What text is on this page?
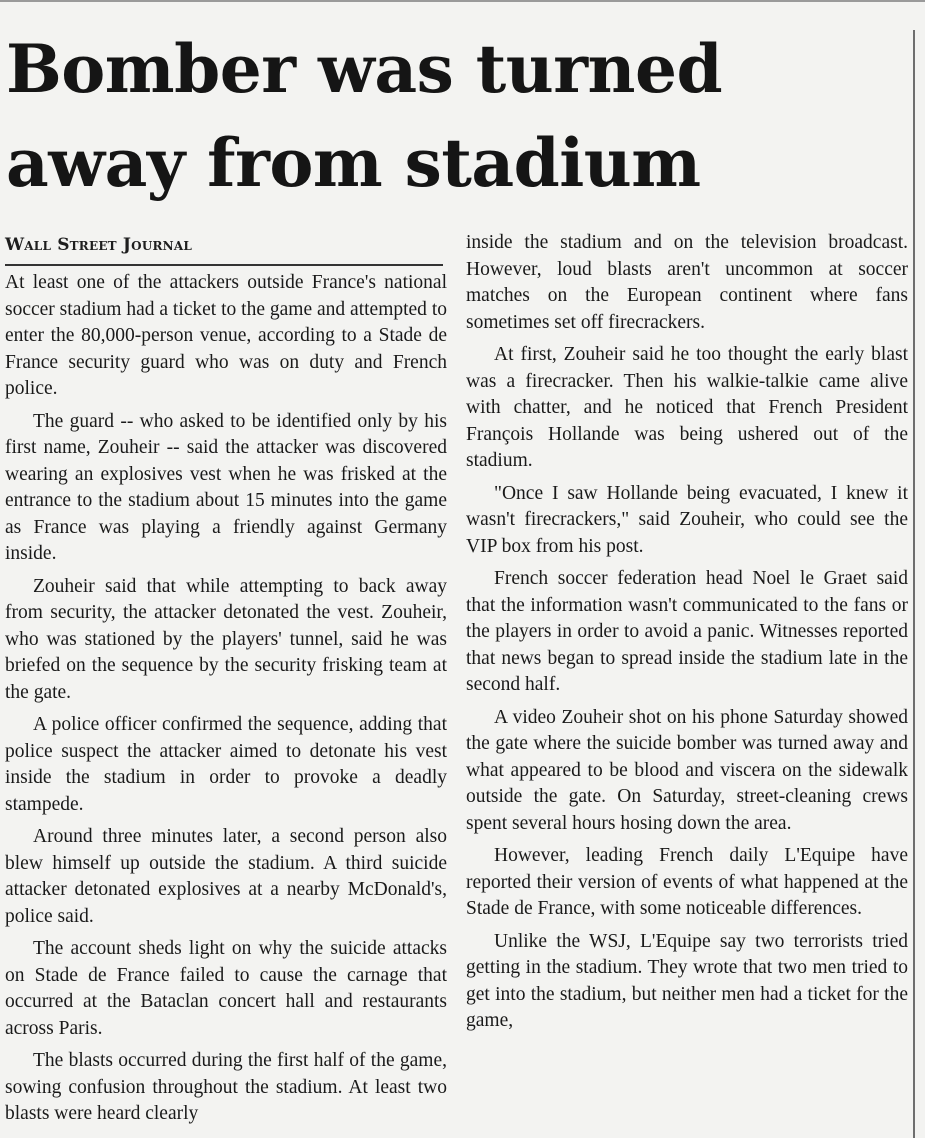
Bomber was turned away from stadium
Wall Street Journal

At least one of the attackers outside France's national soccer stadium had a ticket to the game and attempted to enter the 80,000-person venue, according to a Stade de France security guard who was on duty and French police.

The guard -- who asked to be identified only by his first name, Zouheir -- said the attacker was discovered wearing an explosives vest when he was frisked at the entrance to the stadium about 15 minutes into the game as France was playing a friendly against Germany inside.

Zouheir said that while attempting to back away from security, the attacker detonated the vest. Zouheir, who was stationed by the players' tunnel, said he was briefed on the sequence by the security frisking team at the gate.

A police officer confirmed the sequence, adding that police suspect the attacker aimed to detonate his vest inside the stadium in order to provoke a deadly stampede.

Around three minutes later, a second person also blew himself up outside the stadium. A third suicide attacker detonated explosives at a nearby McDonald's, police said.

The account sheds light on why the suicide attacks on Stade de France failed to cause the carnage that occurred at the Bataclan concert hall and restaurants across Paris.

The blasts occurred during the first half of the game, sowing confusion throughout the stadium. At least two blasts were heard clearly

inside the stadium and on the television broadcast. However, loud blasts aren't uncommon at soccer matches on the European continent where fans sometimes set off firecrackers.

At first, Zouheir said he too thought the early blast was a firecracker. Then his walkie-talkie came alive with chatter, and he noticed that French President François Hollande was being ushered out of the stadium.

"Once I saw Hollande being evacuated, I knew it wasn't firecrackers," said Zouheir, who could see the VIP box from his post.

French soccer federation head Noel le Graet said that the information wasn't communicated to the fans or the players in order to avoid a panic. Witnesses reported that news began to spread inside the stadium late in the second half.

A video Zouheir shot on his phone Saturday showed the gate where the suicide bomber was turned away and what appeared to be blood and viscera on the sidewalk outside the gate. On Saturday, street-cleaning crews spent several hours hosing down the area.

However, leading French daily L'Equipe have reported their version of events of what happened at the Stade de France, with some noticeable differences.

Unlike the WSJ, L'Equipe say two terrorists tried getting in the stadium. They wrote that two men tried to get into the stadium, but neither men had a ticket for the game,
